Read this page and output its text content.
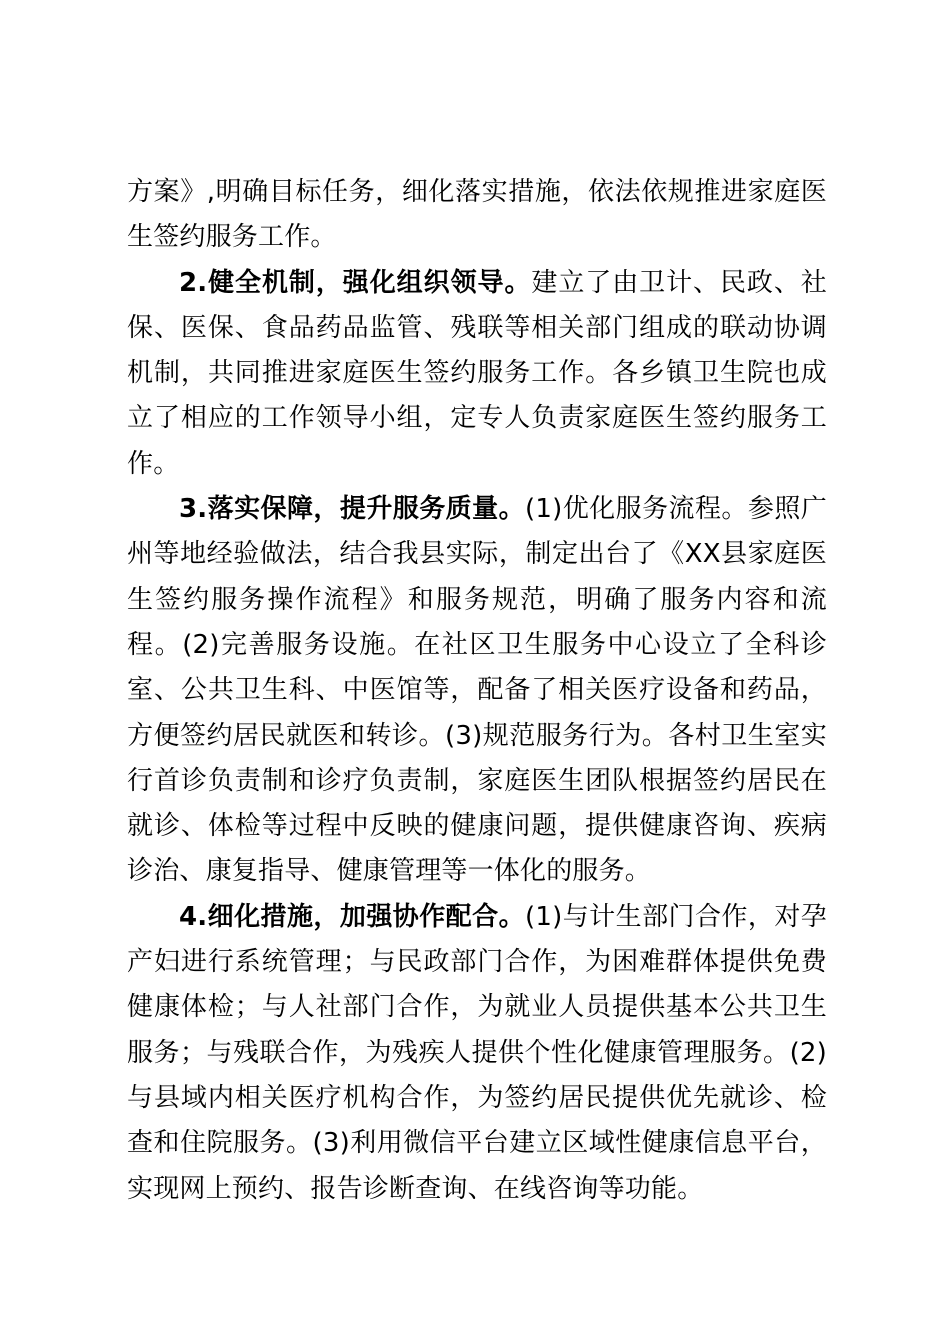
方案》,明确目标任务，细化落实措施，依法依规推进家庭医生签约服务工作。

2.健全机制，强化组织领导。建立了由卫计、民政、社保、医保、食品药品监管、残联等相关部门组成的联动协调机制，共同推进家庭医生签约服务工作。各乡镇卫生院也成立了相应的工作领导小组，定专人负责家庭医生签约服务工作。

3.落实保障，提升服务质量。(1)优化服务流程。参照广州等地经验做法，结合我县实际，制定出台了《XX县家庭医生签约服务操作流程》和服务规范，明确了服务内容和流程。(2)完善服务设施。在社区卫生服务中心设立了全科诊室、公共卫生科、中医馆等，配备了相关医疗设备和药品，方便签约居民就医和转诊。(3)规范服务行为。各村卫生室实行首诊负责制和诊疗负责制，家庭医生团队根据签约居民在就诊、体检等过程中反映的健康问题，提供健康咨询、疾病诊治、康复指导、健康管理等一体化的服务。

4.细化措施，加强协作配合。(1)与计生部门合作，对孕产妇进行系统管理；与民政部门合作，为困难群体提供免费健康体检；与人社部门合作，为就业人员提供基本公共卫生服务；与残联合作，为残疾人提供个性化健康管理服务。(2)与县域内相关医疗机构合作，为签约居民提供优先就诊、检查和住院服务。(3)利用微信平台建立区域性健康信息平台，实现网上预约、报告诊断查询、在线咨询等功能。
